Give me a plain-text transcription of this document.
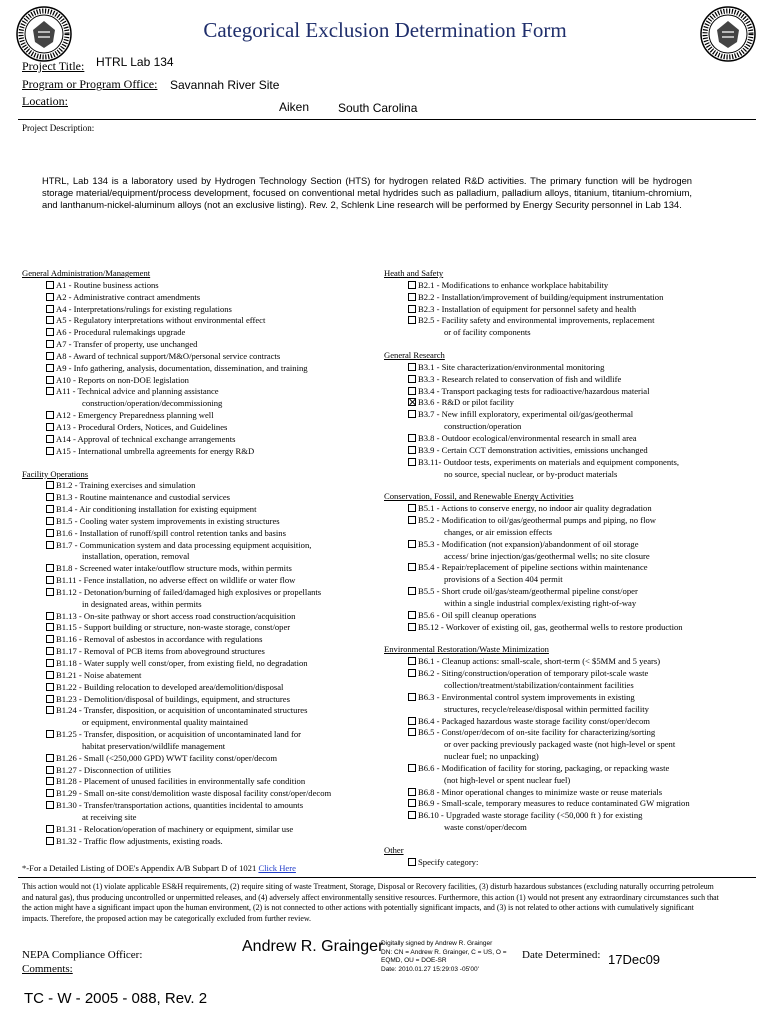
Categorical Exclusion Determination Form
Project Title: HTRL Lab 134
Program or Program Office: Savannah River Site
Location:	Aiken South Carolina
Project Description:
HTRL, Lab 134 is a laboratory used by Hydrogen Technology Section (HTS) for hydrogen related R&D activities. The primary function will be hydrogen storage material/equipment/process development, focused on conventional metal hydrides such as palladium, palladium alloys, titanium, titanium-chromium, and lanthanum-nickel-aluminum alloys (not an exclusive listing). Rev. 2, Schlenk Line research will be performed by Energy Security personnel in Lab 134.
General Administration/Management
A1 - Routine business actions
A2 - Administrative contract amendments
A4 - Interpretations/rulings for existing regulations
A5 - Regulatory interpretations without environmental effect
A6 - Procedural rulemakings upgrade
A7 - Transfer of property, use unchanged
A8 - Award of technical support/M&O/personal service contracts
A9 - Info gathering, analysis, documentation, dissemination, and training
A10 - Reports on non-DOE legislation
A11 - Technical advice and planning assistance
construction/operation/decommissioning
A12 - Emergency Preparedness planning well
A13 - Procedural Orders, Notices, and Guidelines
A14 - Approval of technical exchange arrangements
A15 - International umbrella agreements for energy R&D
Facility Operations
B1.2 - Training exercises and simulation
B1.3 - Routine maintenance and custodial services
B1.4 - Air conditioning installation for existing equipment
B1.5 - Cooling water system improvements in existing structures
B1.6 - Installation of runoff/spill control retention tanks and basins
B1.7 - Communication system and data processing equipment acquisition,
installation, operation, removal
B1.8 - Screened water intake/outflow structure mods, within permits
B1.11 - Fence installation, no adverse effect on wildlife or water flow
B1.12 - Detonation/burning of failed/damaged high explosives or propellants
in designated areas, within permits
B1.13 - On-site pathway or short access road construction/acquisition
B1.15 - Support building or structure, non-waste storage, const/oper
B1.16 - Removal of asbestos in accordance with regulations
B1.17 - Removal of PCB items from aboveground structures
B1.18 - Water supply well const/oper, from existing field, no degradation
B1.21 - Noise abatement
B1.22 - Building relocation to developed area/demolition/disposal
B1.23 - Demolition/disposal of buildings, equipment, and structures
B1.24 - Transfer, disposition, or acquisition of uncontaminated structures
or equipment, environmental quality maintained
B1.25 - Transfer, disposition, or acquisition of uncontaminated land for
habitat preservation/wildlife management
B1.26 - Small (<250,000 GPD) WWT facility const/oper/decom
B1.27 - Disconnection of utilities
B1.28 - Placement of unused facilities in environmentally safe condition
B1.29 - Small on-site const/demolition waste disposal facility const/oper/decom
B1.30 - Transfer/transportation actions, quantities incidental to amounts
at receiving site
B1.31 - Relocation/operation of machinery or equipment, similar use
B1.32 - Traffic flow adjustments, existing roads.
Heath and Safety
B2.1 - Modifications to enhance workplace habitability
B2.2 - Installation/improvement of building/equipment instrumentation
B2.3 - Installation of equipment for personnel safety and health
B2.5 - Facility safety and environmental improvements, replacement
or of facility components
General Research
B3.1 - Site characterization/environmental monitoring
B3.3 - Research related to conservation of fish and wildlife
B3.4 - Transport packaging tests for radioactive/hazardous material
B3.6 - R&D or pilot facility
B3.7 - New infill exploratory, experimental oil/gas/geothermal
construction/operation
B3.8 - Outdoor ecological/environmental research in small area
B3.9 - Certain CCT demonstration activities, emissions unchanged
B3.11- Outdoor tests, experiments on materials and equipment components,
no source, special nuclear, or by-product materials
Conservation, Fossil, and Renewable Energy Activities
B5.1 - Actions to conserve energy, no indoor air quality degradation
B5.2 - Modification to oil/gas/geothermal pumps and piping, no flow
changes, or air emission effects
B5.3 - Modification (not expansion)/abandonment of oil storage
access/ brine injection/gas/geothermal wells; no site closure
B5.4 - Repair/replacement of pipeline sections within maintenance
provisions of a Section 404 permit
B5.5 - Short crude oil/gas/steam/geothermal pipeline const/oper
within a single industrial complex/existing right-of-way
B5.6 - Oil spill cleanup operations
B5.12 - Workover of existing oil, gas, geothermal wells to restore production
Environmental Restoration/Waste Minimization
B6.1 - Cleanup actions: small-scale, short-term (< $5MM and 5 years)
B6.2 - Siting/construction/operation of temporary pilot-scale waste
collection/treatment/stabilization/containment facilities
B6.3 - Environmental control system improvements in existing
structures, recycle/release/disposal within permitted facility
B6.4 - Packaged hazardous waste storage facility const/oper/decom
B6.5 - Const/oper/decom of on-site facility for characterizing/sorting
or over packing previously packaged waste (not high-level or spent
nuclear fuel; no unpacking)
B6.6 - Modification of facility for storing, packaging, or repacking waste
(not high-level or spent nuclear fuel)
B6.8 - Minor operational changes to minimize waste or reuse materials
B6.9 - Small-scale, temporary measures to reduce contaminated GW migration
B6.10 - Upgraded waste storage facility (<50,000 ft ) for existing
waste const/oper/decom
Other
Specify category:
*-For a Detailed Listing of DOE's Appendix A/B Subpart D of 1021 Click Here
This action would not (1) violate applicable ES&H requirements, (2) require siting of waste Treatment, Storage, Disposal or Recovery facilities, (3) disturb hazardous substances (excluding naturally occurring petroleum and natural gas), thus producing uncontrolled or unpermitted releases, and (4) adversely affect environmentally sensitive resources. Furthermore, this action (1) would not present any extraordinary circumstances such that the action might have a significant impact upon the human environment, (2) is not connected to other actions with potentially significant impacts, and (3) is not related to other actions with cumulatively significant impacts. Therefore, the proposed action may be categorically excluded from further review.
NEPA Compliance Officer:
Comments:
Andrew R. Grainger
Digitally signed by Andrew R. Grainger
DN: CN = Andrew R. Grainger, C = US, O =
EQMD, OU = DOE-SR
Date: 2010.01.27 15:29:03 -05'00'
Date Determined: 17Dec09
TC - W - 2005 - 088, Rev. 2
